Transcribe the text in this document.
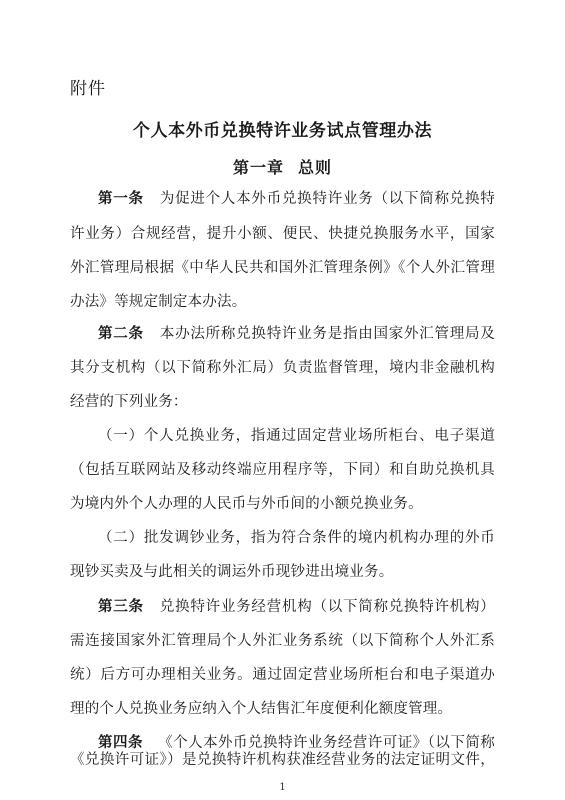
附件
个人本外币兑换特许业务试点管理办法
第一章 总则
第一条 为促进个人本外币兑换特许业务（以下简称兑换特
许业务）合规经营，提升小额、便民、快捷兑换服务水平，国家
外汇管理局根据《中华人民共和国外汇管理条例》《个人外汇管理
办法》等规定制定本办法。
第二条 本办法所称兑换特许业务是指由国家外汇管理局及
其分支机构（以下简称外汇局）负责监督管理，境内非金融机构
经营的下列业务：
（一）个人兑换业务，指通过固定营业场所柜台、电子渠道
（包括互联网站及移动终端应用程序等，下同）和自助兑换机具
为境内外个人办理的人民币与外币间的小额兑换业务。
（二）批发调钞业务，指为符合条件的境内机构办理的外币
现钞买卖及与此相关的调运外币现钞进出境业务。
第三条 兑换特许业务经营机构（以下简称兑换特许机构）
需连接国家外汇管理局个人外汇业务系统（以下简称个人外汇系
统）后方可办理相关业务。通过固定营业场所柜台和电子渠道办
理的个人兑换业务应纳入个人结售汇年度便利化额度管理。
第四条 《个人本外币兑换特许业务经营许可证》（以下简称
《兑换许可证》）是兑换特许机构获准经营业务的法定证明文件，
1
